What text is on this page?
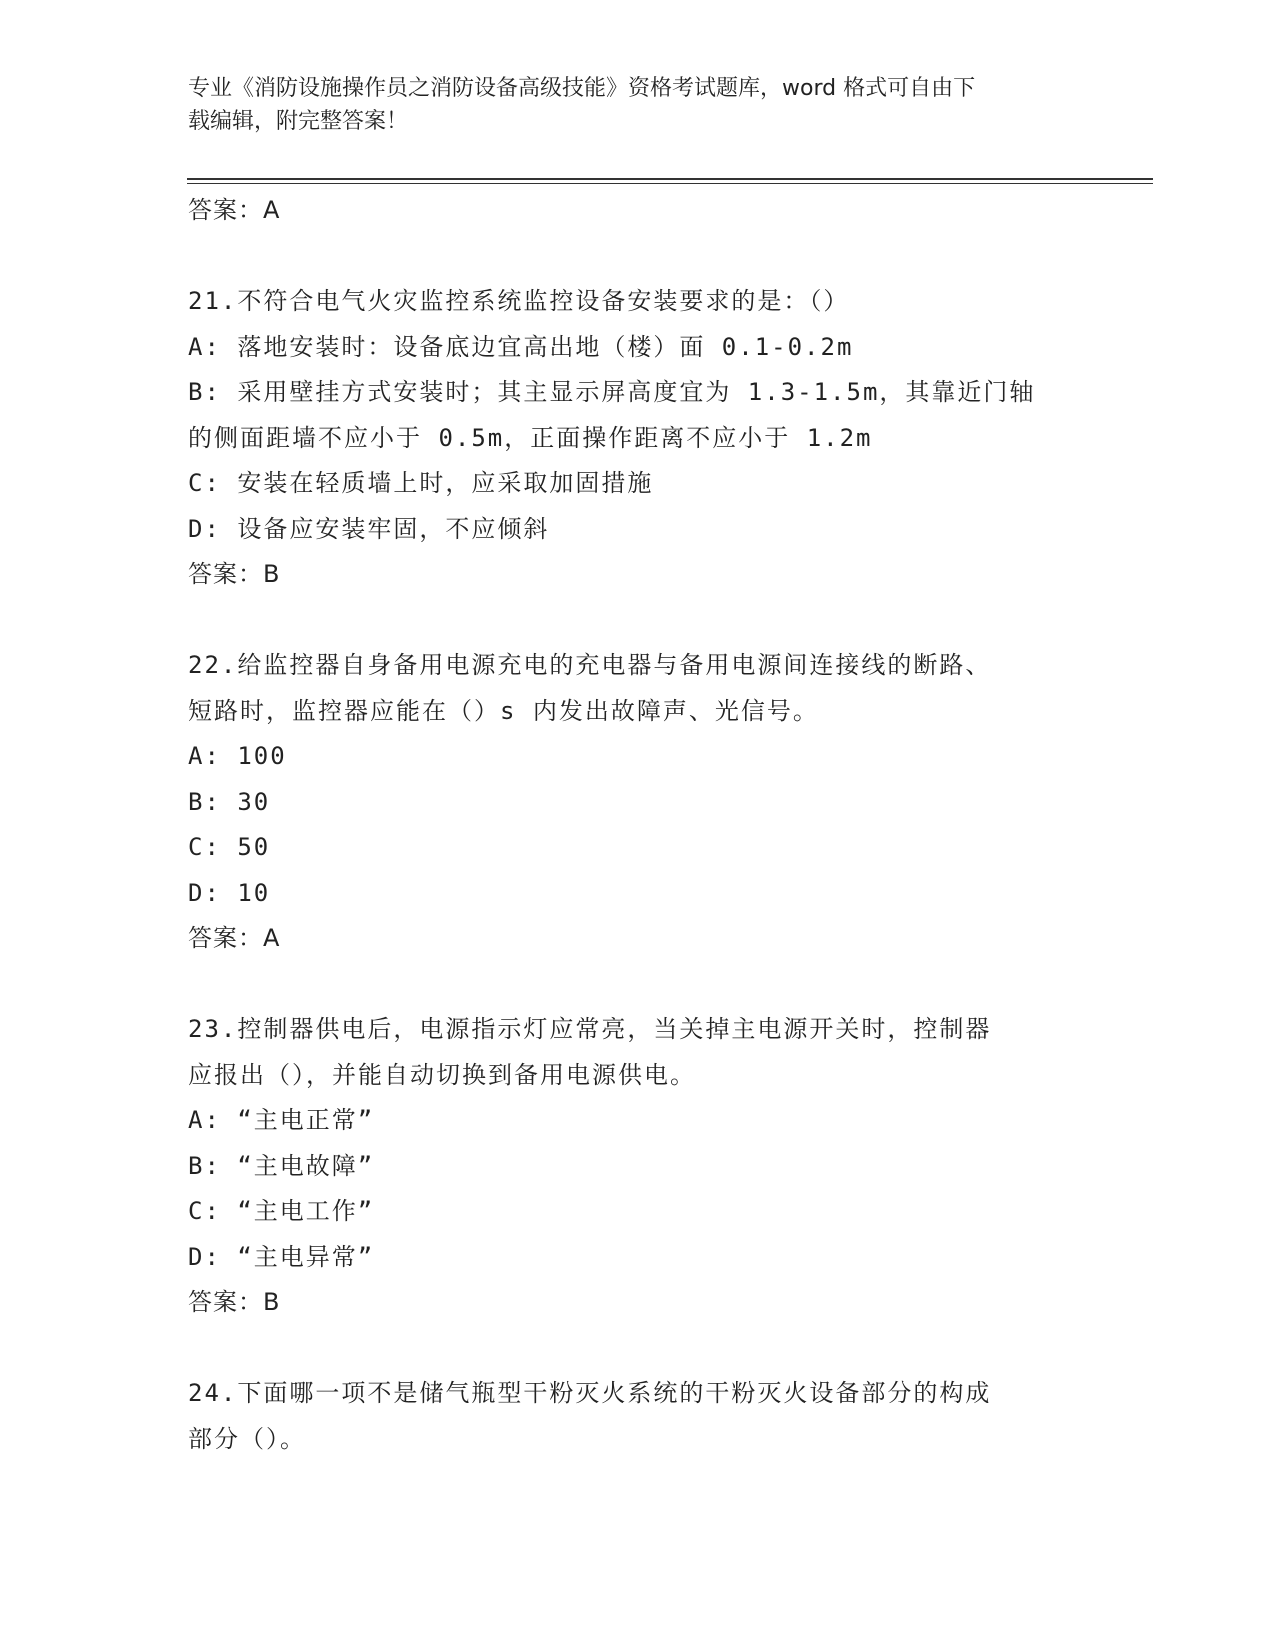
专业《消防设施操作员之消防设备高级技能》资格考试题库，word 格式可自由下
载编辑，附完整答案！
答案：A
21.不符合电气火灾监控系统监控设备安装要求的是：（）
A: 落地安装时：设备底边宜高出地（楼）面 0.1-0.2m
B: 采用壁挂方式安装时；其主显示屏高度宜为 1.3-1.5m，其靠近门轴
的侧面距墙不应小于 0.5m，正面操作距离不应小于 1.2m
C: 安装在轻质墙上时，应采取加固措施
D: 设备应安装牢固，不应倾斜
答案：B
22.给监控器自身备用电源充电的充电器与备用电源间连接线的断路、
短路时，监控器应能在（）s 内发出故障声、光信号。
A: 100
B: 30
C: 50
D: 10
答案：A
23.控制器供电后，电源指示灯应常亮，当关掉主电源开关时，控制器
应报出（），并能自动切换到备用电源供电。
A: “主电正常”
B: “主电故障”
C: “主电工作”
D: “主电异常”
答案：B
24.下面哪一项不是储气瓶型干粉灭火系统的干粉灭火设备部分的构成
部分（）。
